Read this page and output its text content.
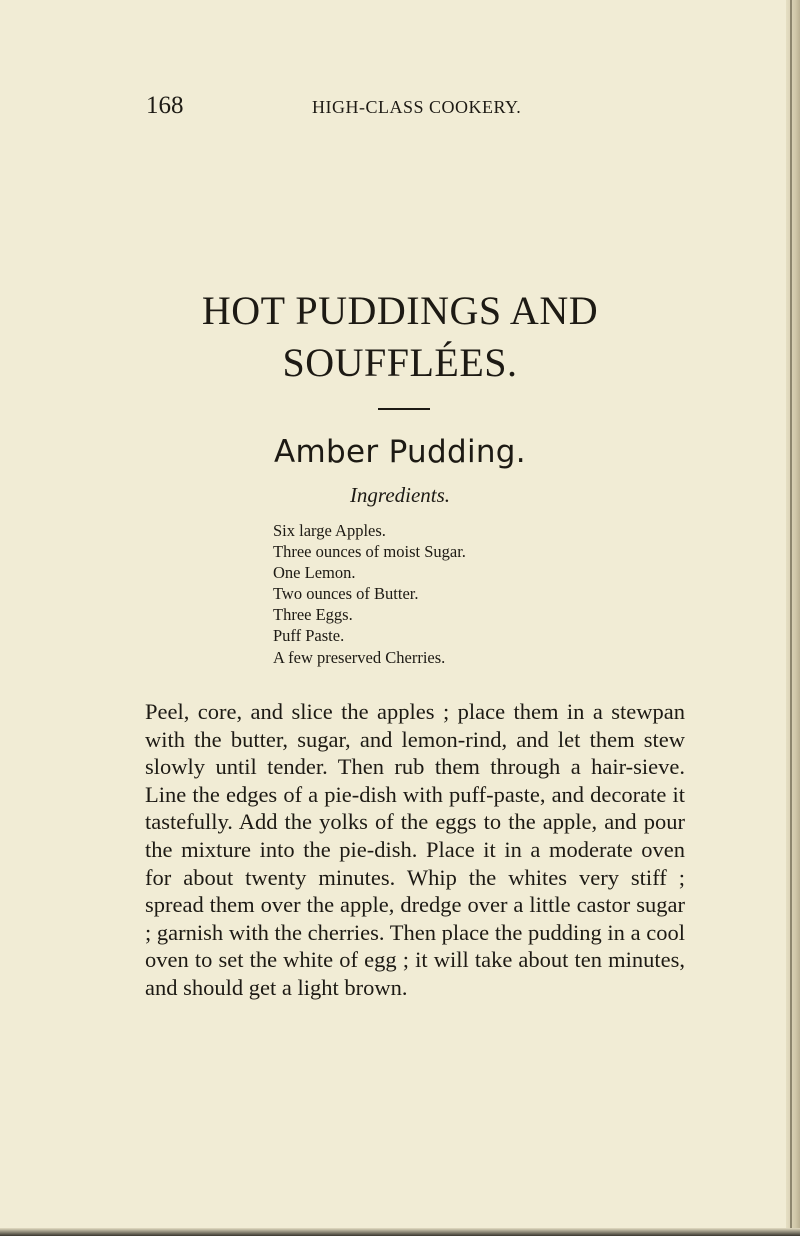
168	HIGH-CLASS COOKERY.
HOT PUDDINGS AND
SOUFFLÉES.
Amber Pudding.
Ingredients.
Six large Apples.
Three ounces of moist Sugar.
One Lemon.
Two ounces of Butter.
Three Eggs.
Puff Paste.
A few preserved Cherries.

Peel, core, and slice the apples ; place them in a stewpan with the butter, sugar, and lemon-rind, and let them stew slowly until tender. Then rub them through a hair-sieve. Line the edges of a pie-dish with puff-paste, and decorate it tastefully. Add the yolks of the eggs to the apple, and pour the mixture into the pie-dish. Place it in a moderate oven for about twenty minutes. Whip the whites very stiff ; spread them over the apple, dredge over a little castor sugar ; garnish with the cherries. Then place the pudding in a cool oven to set the white of egg ; it will take about ten minutes, and should get a light brown.
